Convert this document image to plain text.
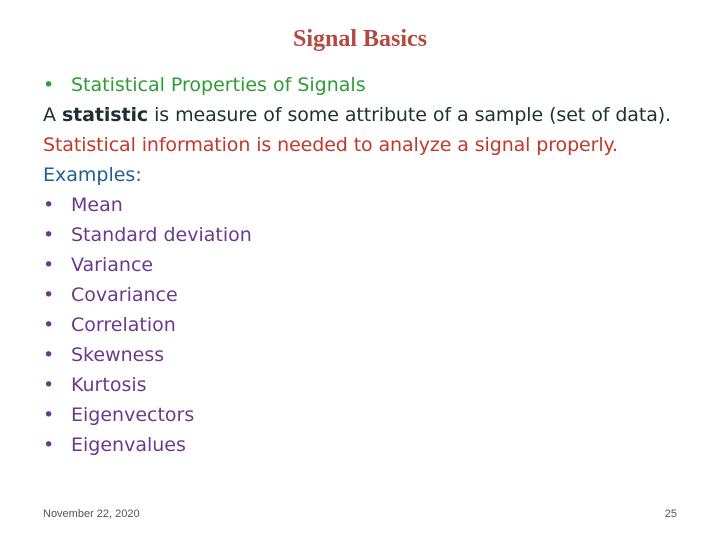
Signal Basics
• Statistical Properties of Signals
A statistic is measure of some attribute of a sample (set of data). Statistical information is needed to analyze a signal properly.
Examples:
• Mean
• Standard deviation
• Variance
• Covariance
• Correlation
• Skewness
• Kurtosis
• Eigenvectors
• Eigenvalues
November 22, 2020	25
